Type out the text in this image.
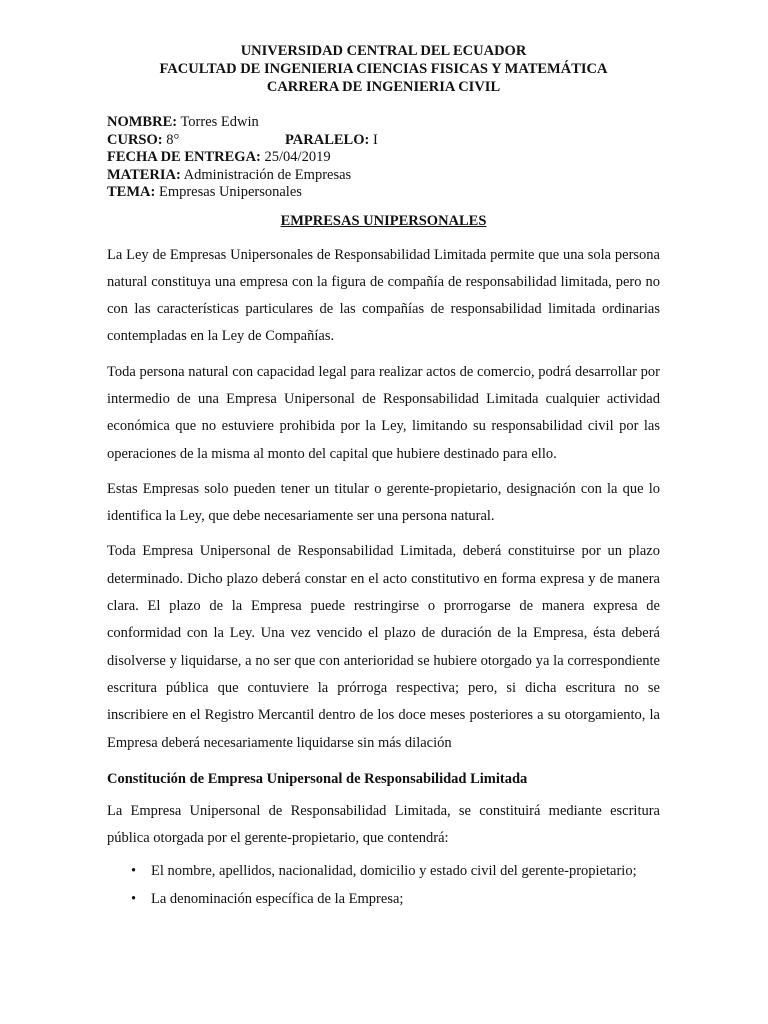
UNIVERSIDAD CENTRAL DEL ECUADOR

FACULTAD DE INGENIERIA CIENCIAS FISICAS Y MATEMÁTICA

CARRERA DE INGENIERIA CIVIL

NOMBRE: Torres Edwin
CURSO: 8°	PARALELO: I
FECHA DE ENTREGA: 25/04/2019
MATERIA: Administración de Empresas
TEMA: Empresas Unipersonales

EMPRESAS UNIPERSONALES

La Ley de Empresas Unipersonales de Responsabilidad Limitada permite que una sola persona natural constituya una empresa con la figura de compañía de responsabilidad limitada, pero no con las características particulares de las compañías de responsabilidad limitada ordinarias contempladas en la Ley de Compañías.

Toda persona natural con capacidad legal para realizar actos de comercio, podrá desarrollar por intermedio de una Empresa Unipersonal de Responsabilidad Limitada cualquier actividad económica que no estuviere prohibida por la Ley, limitando su responsabilidad civil por las operaciones de la misma al monto del capital que hubiere destinado para ello.

Estas Empresas solo pueden tener un titular o gerente-propietario, designación con la que lo identifica la Ley, que debe necesariamente ser una persona natural.

Toda Empresa Unipersonal de Responsabilidad Limitada, deberá constituirse por un plazo determinado. Dicho plazo deberá constar en el acto constitutivo en forma expresa y de manera clara. El plazo de la Empresa puede restringirse o prorrogarse de manera expresa de conformidad con la Ley. Una vez vencido el plazo de duración de la Empresa, ésta deberá disolverse y liquidarse, a no ser que con anterioridad se hubiere otorgado ya la correspondiente escritura pública que contuviere la prórroga respectiva; pero, si dicha escritura no se inscribiere en el Registro Mercantil dentro de los doce meses posteriores a su otorgamiento, la Empresa deberá necesariamente liquidarse sin más dilación

Constitución de Empresa Unipersonal de Responsabilidad Limitada

La Empresa Unipersonal de Responsabilidad Limitada, se constituirá mediante escritura pública otorgada por el gerente-propietario, que contendrá:

• El nombre, apellidos, nacionalidad, domicilio y estado civil del gerente-propietario;
• La denominación específica de la Empresa;
